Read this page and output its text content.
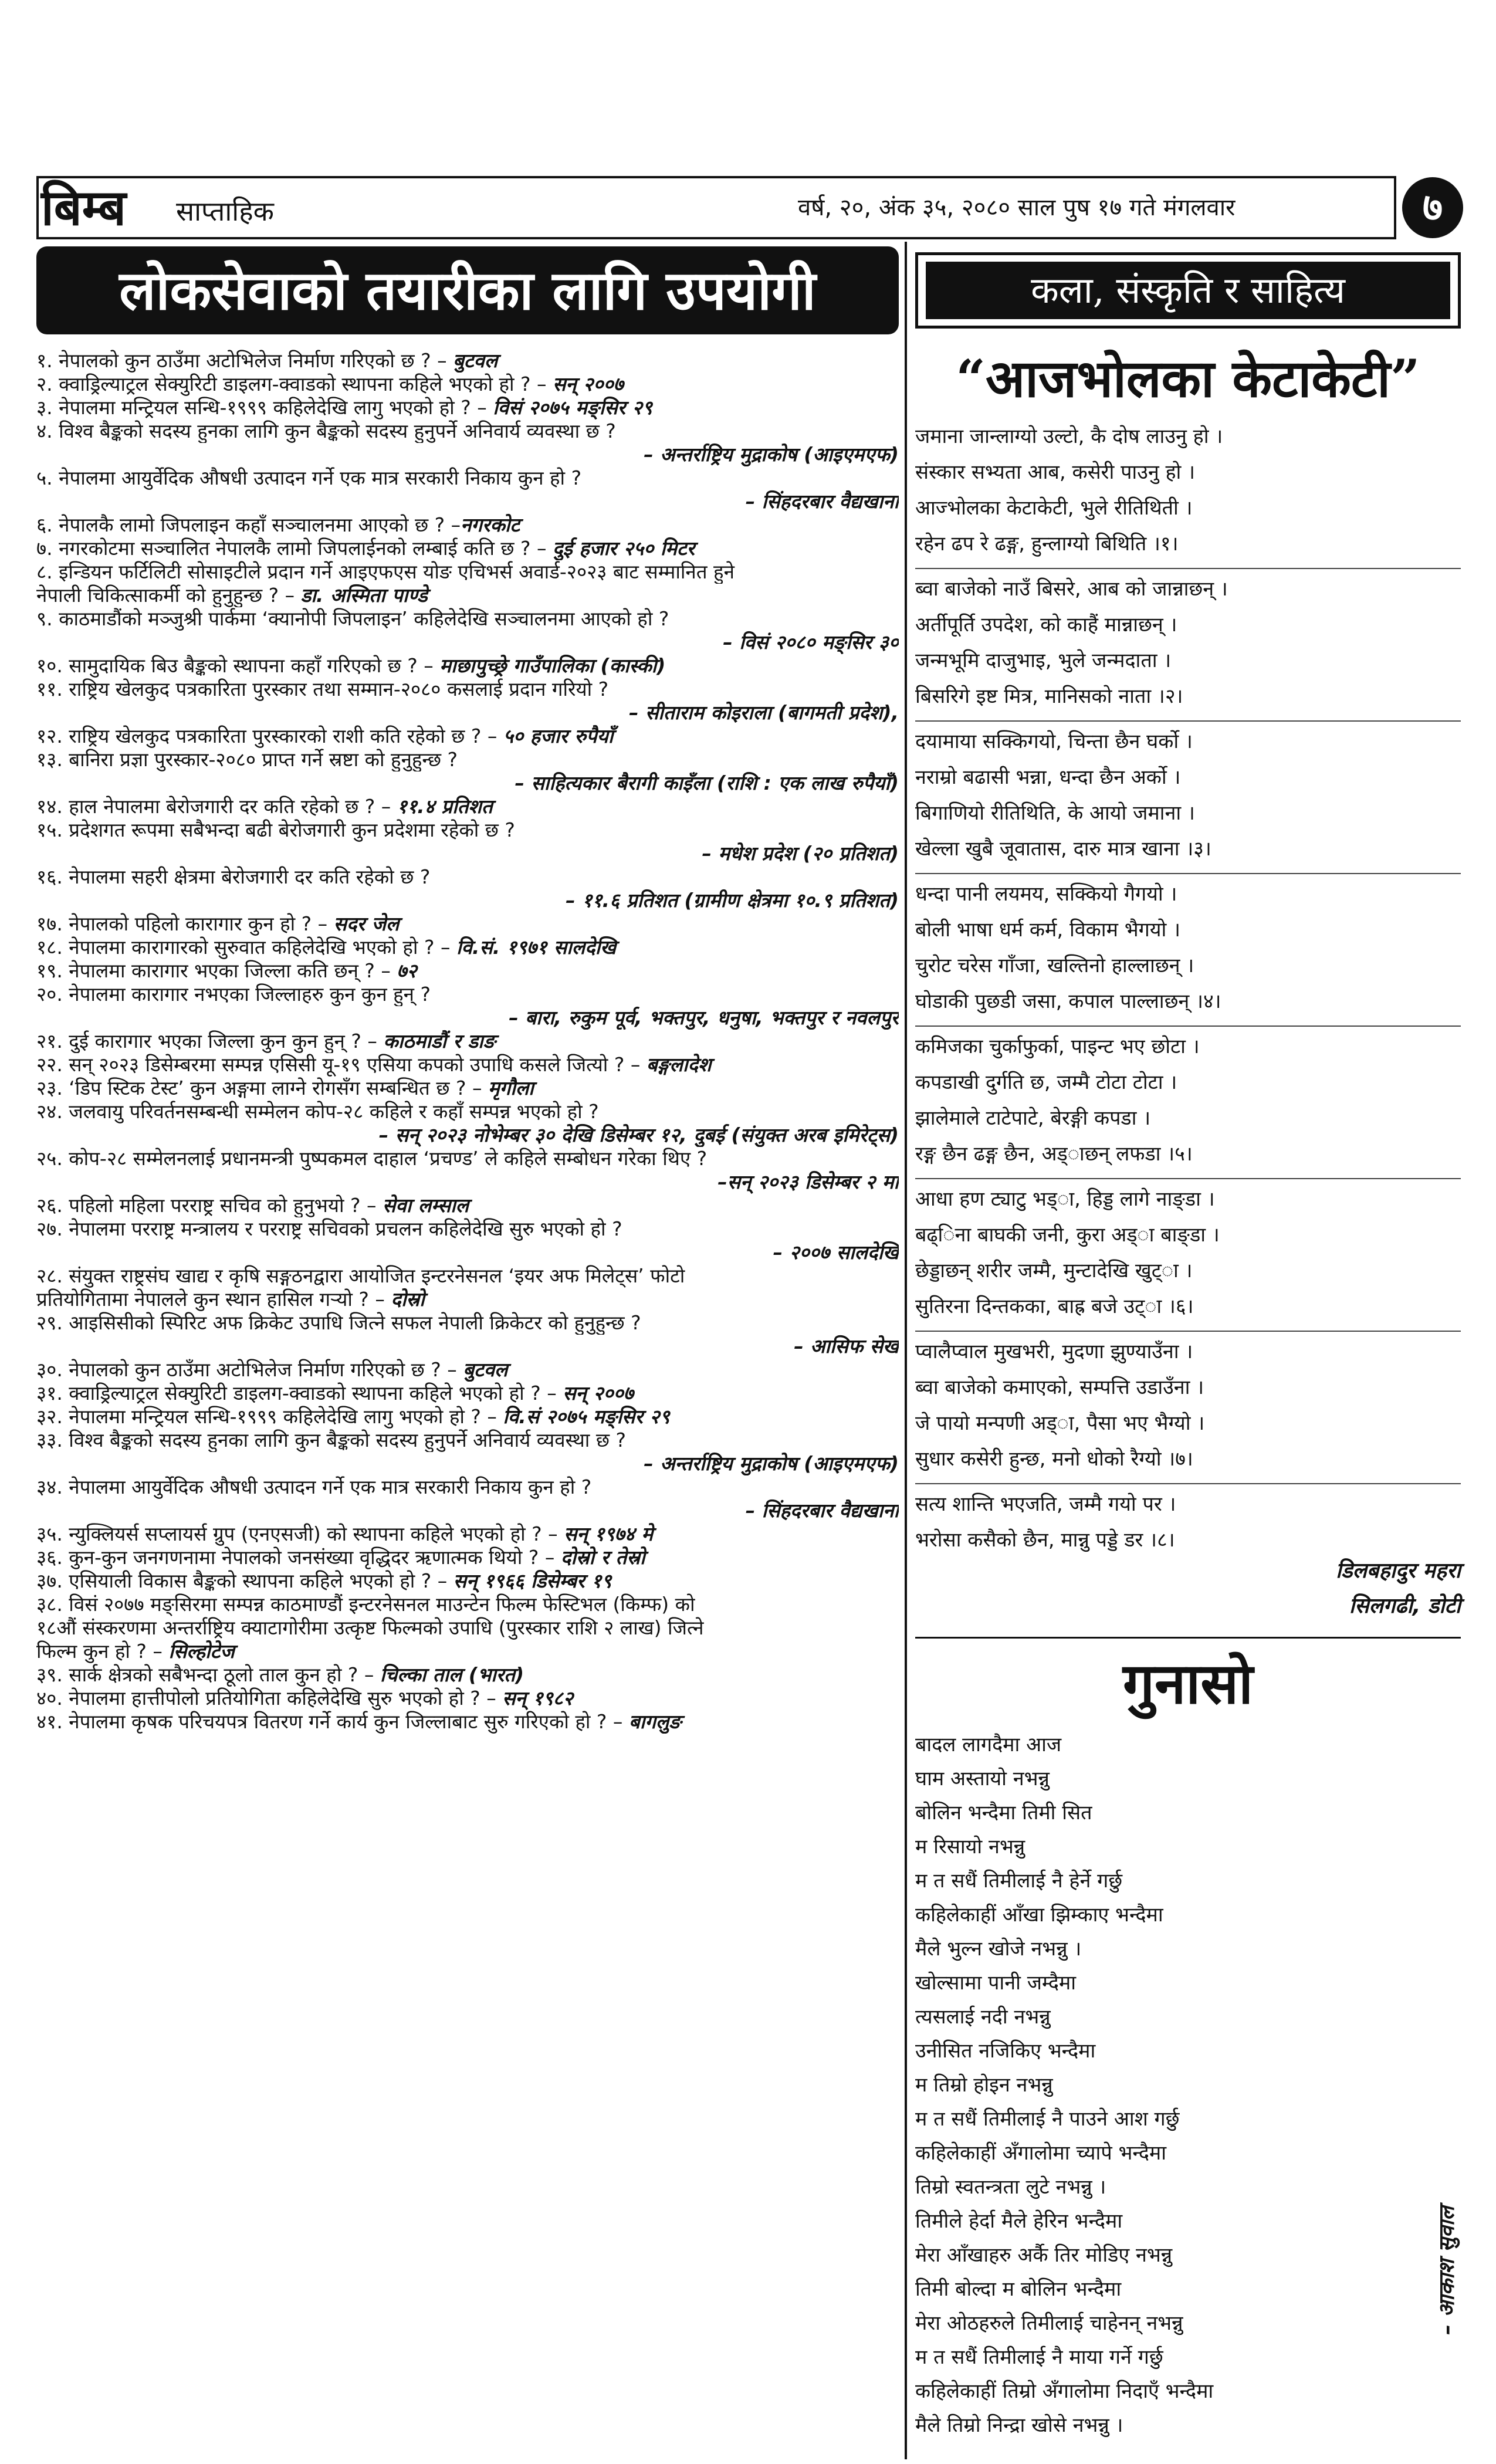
बिम्ब साप्ताहिक	वर्ष, २०, अंक ३५, २०८० साल पुष १७ गते मंगलवार	७
लोकसेवाको तयारीका लागि उपयोगी
१. नेपालको कुन ठाउँमा अटोभिलेज निर्माण गरिएको छ ? – बुटवल
२. क्वाड्रिल्याट्रल सेक्युरिटी डाइलग-क्वाडको स्थापना कहिले भएको हो ? – सन् २००७
३. नेपालमा मन्ट्रियल सन्धि-१९९९ कहिलेदेखि लागु भएको हो ? – विसं २०७५ मङ्सिर २९
४. विश्व बैङ्कको सदस्य हुनका लागि कुन बैङ्कको सदस्य हुनुपर्ने अनिवार्य व्यवस्था छ ?
– अन्तर्राष्ट्रिय मुद्राकोष (आइएमएफ)
५. नेपालमा आयुर्वेदिक औषधी उत्पादन गर्ने एक मात्र सरकारी निकाय कुन हो ?
– सिंहदरबार वैद्यखाना
६. नेपालकै लामो जिपलाइन कहाँ सञ्चालनमा आएको छ ? –नगरकोट
७. नगरकोटमा सञ्चालित नेपालकै लामो जिपलाईनको लम्बाई कति छ ? – दुई हजार २५० मिटर
८. इन्डियन फर्टिलिटी सोसाइटीले प्रदान गर्ने आइएफएस योङ एचिभर्स अवार्ड-२०२३ बाट सम्मानित हुने
नेपाली चिकित्साकर्मी को हुनुहुन्छ ? – डा. अस्मिता पाण्डे
९. काठमाडौंको मञ्जुश्री पार्कमा ‘क्यानोपी जिपलाइन’ कहिलेदेखि सञ्चालनमा आएको हो ?
– विसं २०८० मङ्सिर ३०
१०. सामुदायिक बिउ बैङ्कको स्थापना कहाँ गरिएको छ ? – माछापुच्छ्रे गाउँपालिका (कास्की)
११. राष्ट्रिय खेलकुद पत्रकारिता पुरस्कार तथा सम्मान-२०८० कसलाई प्रदान गरियो ?
– सीताराम कोइराला (बागमती प्रदेश),
१२. राष्ट्रिय खेलकुद पत्रकारिता पुरस्कारको राशी कति रहेको छ ? – ५० हजार रुपैयाँ
१३. बानिरा प्रज्ञा पुरस्कार-२०८० प्राप्त गर्ने स्रष्टा को हुनुहुन्छ ?
– साहित्यकार बैरागी काइँला (राशि : एक लाख रुपैयाँ)
१४. हाल नेपालमा बेरोजगारी दर कति रहेको छ ? – ११.४ प्रतिशत
१५. प्रदेशगत रूपमा सबैभन्दा बढी बेरोजगारी कुन प्रदेशमा रहेको छ ?
– मधेश प्रदेश (२० प्रतिशत)
१६. नेपालमा सहरी क्षेत्रमा बेरोजगारी दर कति रहेको छ ?
– ११.६ प्रतिशत (ग्रामीण क्षेत्रमा १०.९ प्रतिशत)
१७. नेपालको पहिलो कारागार कुन हो ? – सदर जेल
१८. नेपालमा कारागारको सुरुवात कहिलेदेखि भएको हो ? – वि.सं. १९७१ सालदेखि
१९. नेपालमा कारागार भएका जिल्ला कति छन् ? – ७२
२०. नेपालमा कारागार नभएका जिल्लाहरु कुन कुन हुन् ?
– बारा, रुकुम पूर्व, भक्तपुर, धनुषा, भक्तपुर र नवलपुर
२१. दुई कारागार भएका जिल्ला कुन कुन हुन् ? – काठमाडौं र डाङ
२२. सन् २०२३ डिसेम्बरमा सम्पन्न एसिसी यू-१९ एसिया कपको उपाधि कसले जित्यो ? – बङ्गलादेश
२३. ‘डिप स्टिक टेस्ट’ कुन अङ्गमा लाग्ने रोगसँग सम्बन्धित छ ? – मृगौला
२४. जलवायु परिवर्तनसम्बन्धी सम्मेलन कोप-२८ कहिले र कहाँ सम्पन्न भएको हो ?
– सन् २०२३ नोभेम्बर ३० देखि डिसेम्बर १२, दुबई (संयुक्त अरब इमिरेट्स)
२५. कोप-२८ सम्मेलनलाई प्रधानमन्त्री पुष्पकमल दाहाल ‘प्रचण्ड’ ले कहिले सम्बोधन गरेका थिए ?
–सन् २०२३ डिसेम्बर २ मा
२६. पहिलो महिला परराष्ट्र सचिव को हुनुभयो ? – सेवा लम्साल
२७. नेपालमा परराष्ट्र मन्त्रालय र परराष्ट्र सचिवको प्रचलन कहिलेदेखि सुरु भएको हो ?
– २००७ सालदेखि
२८. संयुक्त राष्ट्रसंघ खाद्य र कृषि सङ्गठनद्वारा आयोजित इन्टरनेसनल ‘इयर अफ मिलेट्स’ फोटो
प्रतियोगितामा नेपालले कुन स्थान हासिल गऱ्यो ? – दोस्रो
२९. आइसिसीको स्पिरिट अफ क्रिकेट उपाधि जित्ने सफल नेपाली क्रिकेटर को हुनुहुन्छ ?
– आसिफ सेख
३०. नेपालको कुन ठाउँमा अटोभिलेज निर्माण गरिएको छ ? – बुटवल
३१. क्वाड्रिल्याट्रल सेक्युरिटी डाइलग-क्वाडको स्थापना कहिले भएको हो ? – सन् २००७
३२. नेपालमा मन्ट्रियल सन्धि-१९९९ कहिलेदेखि लागु भएको हो ? – वि.सं २०७५ मङ्सिर २९
३३. विश्व बैङ्कको सदस्य हुनका लागि कुन बैङ्कको सदस्य हुनुपर्ने अनिवार्य व्यवस्था छ ?
– अन्तर्राष्ट्रिय मुद्राकोष (आइएमएफ)
३४. नेपालमा आयुर्वेदिक औषधी उत्पादन गर्ने एक मात्र सरकारी निकाय कुन हो ?
– सिंहदरबार वैद्यखाना
३५. न्युक्लियर्स सप्लायर्स ग्रुप (एनएसजी) को स्थापना कहिले भएको हो ? – सन् १९७४ मे
३६. कुन-कुन जनगणनामा नेपालको जनसंख्या वृद्धिदर ऋणात्मक थियो ? – दोस्रो र तेस्रो
३७. एसियाली विकास बैङ्कको स्थापना कहिले भएको हो ? – सन् १९६६ डिसेम्बर १९
३८. विसं २०७७ मङ्सिरमा सम्पन्न काठमाण्डौं इन्टरनेसनल माउन्टेन फिल्म फेस्टिभल (किम्फ) को
१८औं संस्करणमा अन्तर्राष्ट्रिय क्याटागोरीमा उत्कृष्ट फिल्मको उपाधि (पुरस्कार राशि २ लाख) जित्ने
फिल्म कुन हो ? – सिल्होटेज
३९. सार्क क्षेत्रको सबैभन्दा ठूलो ताल कुन हो ? – चिल्का ताल (भारत)
४०. नेपालमा हात्तीपोलो प्रतियोगिता कहिलेदेखि सुरु भएको हो ? – सन् १९८२
४१. नेपालमा कृषक परिचयपत्र वितरण गर्ने कार्य कुन जिल्लाबाट सुरु गरिएको हो ? – बागलुङ
कला, संस्कृति र साहित्य
“आजभोलका केटाकेटी”
जमाना जान्लाग्यो उल्टो, कै दोष लाउनु हो ।
संस्कार सभ्यता आब, कसेरी पाउनु हो ।
आज्भोलका केटाकेटी, भुले रीतिथिती ।
रहेन ढप रे ढङ्ग, हुन्लाग्यो बिथिति ।१।
ब्वा बाजेको नाउँ बिसरे, आब को जान्नाछन् ।
अर्तीपूर्ति उपदेश, को काहैं मान्नाछन् ।
जन्मभूमि दाजुभाइ, भुले जन्मदाता ।
बिसरिगे इष्ट मित्र, मानिसको नाता ।२।
दयामाया सक्किगयो, चिन्ता छैन घर्को ।
नराम्रो बढासी भन्ना, धन्दा छैन अर्को ।
बिगाणियो रीतिथिति, के आयो जमाना ।
खेल्ला खुबै जूवातास, दारु मात्र खाना ।३।
धन्दा पानी लयमय, सक्कियो गैगयो ।
बोली भाषा धर्म कर्म, विकाम भैगयो ।
चुरोट चरेस गाँजा, खल्तिनो हाल्लाछन् ।
घोडाकी पुछडी जसा, कपाल पाल्लाछन् ।४।
कमिजका चुर्काफुर्का, पाइन्ट भए छोटा ।
कपडाखी दुर्गति छ, जम्मै टोटा टोटा ।
झालेमाले टाटेपाटे, बेरङ्गी कपडा ।
रङ्ग छैन ढङ्ग छैन, अड्ाछन् लफडा ।५।
आधा हण ट्याटु भड्ा, हिड्ड लागे नाङ्डा ।
बढ्िना बाघकी जनी, कुरा अड्ा बाङ्डा ।
छेड्डाछन् शरीर जम्मै, मुन्टादेखि खुट्ा ।
सुतिरना दिन्तकका, बाह्र बजे उट्ा ।६।
प्वालैप्वाल मुखभरी, मुदणा झुण्याउँना ।
ब्वा बाजेको कमाएको, सम्पत्ति उडाउँना ।
जे पायो मन्पणी अड्ा, पैसा भए भैग्यो ।
सुधार कसेरी हुन्छ, मनो धोको रैग्यो ।७।
सत्य शान्ति भएजति, जम्मै गयो पर ।
भरोसा कसैको छैन, मान्नु पड्डे डर ।८।
डिलबहादुर महरा
सिलगढी, डोटी
गुनासो
बादल लागदैमा आज
घाम अस्तायो नभन्नु
बोलिन भन्दैमा तिमी सित
म रिसायो नभन्नु
म त सधैं तिमीलाई नै हेर्ने गर्छु
कहिलेकाहीं आँखा झिम्काए भन्दैमा
मैले भुल्न खोजे नभन्नु ।
खोल्सामा पानी जम्दैमा
त्यसलाई नदी नभन्नु
उनीसित नजिकिए भन्दैमा
म तिम्रो होइन नभन्नु
म त सधैं तिमीलाई नै पाउने आश गर्छु
कहिलेकाहीं अँगालोमा च्यापे भन्दैमा
तिम्रो स्वतन्त्रता लुटे नभन्नु ।
तिमीले हेर्दा मैले हेरिन भन्दैमा
मेरा आँखाहरु अर्कै तिर मोडिए नभन्नु
तिमी बोल्दा म बोलिन भन्दैमा
मेरा ओठहरुले तिमीलाई चाहेनन् नभन्नु
म त सधैं तिमीलाई नै माया गर्ने गर्छु
कहिलेकाहीं तिम्रो अँगालोमा निदाएँ भन्दैमा
मैले तिम्रो निन्द्रा खोसे नभन्नु ।
– आकाश सुवाल
